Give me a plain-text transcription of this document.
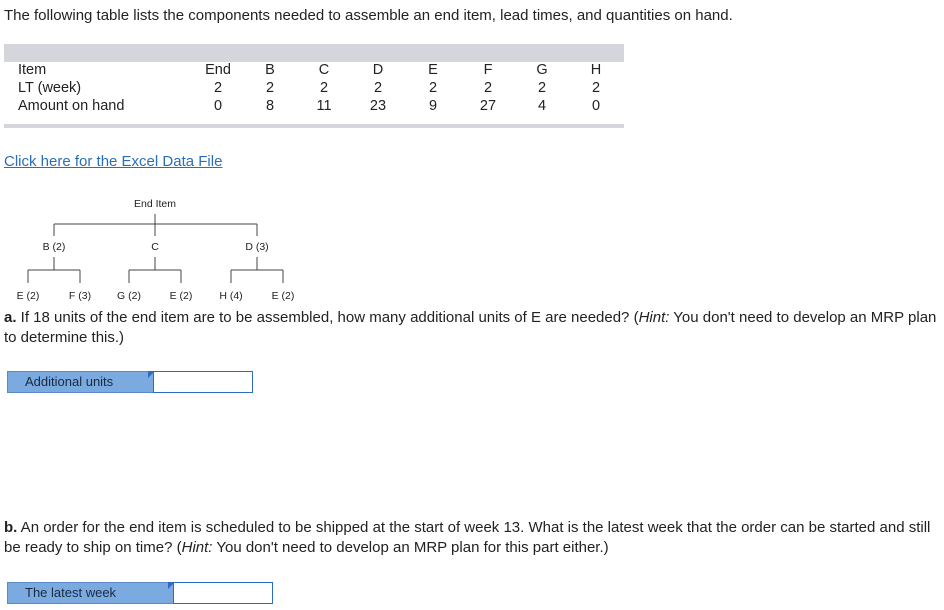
The following table lists the components needed to assemble an end item, lead times, and quantities on hand.
Item	End	B	C	D	E	F	G	H
LT (week)	2	2	2	2	2	2	2	2
Amount on hand	0	8	11	23	9	27	4	0
Click here for the Excel Data File
End Item
B (2)	C	D (3)
E (2)	F (3) G (2)	E (2)	H (4)	E (2)
a. If 18 units of the end item are to be assembled, how many additional units of E are needed? (Hint: You don't need to develop an MRP plan to determine this.)
Additional units
b. An order for the end item is scheduled to be shipped at the start of week 13. What is the latest week that the order can be started and still be ready to ship on time? (Hint: You don't need to develop an MRP plan for this part either.)
The latest week
